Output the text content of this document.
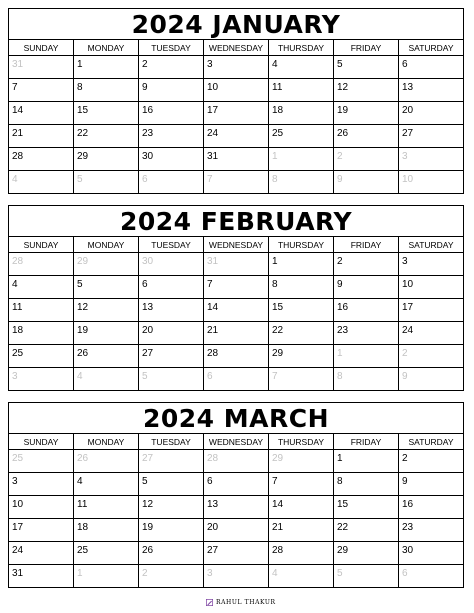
2024 JANUARY
SUNDAY	MONDAY	TUESDAY	WEDNESDAY	THURSDAY	FRIDAY	SATURDAY
31	1	2	3	4	5	6
7	8	9	10	11	12	13
14	15	16	17	18	19	20
21	22	23	24	25	26	27
28	29	30	31	1	2	3
4	5	6	7	8	9	10
2024 FEBRUARY
SUNDAY	MONDAY	TUESDAY	WEDNESDAY	THURSDAY	FRIDAY	SATURDAY
28	29	30	31	1	2	3
4	5	6	7	8	9	10
11	12	13	14	15	16	17
18	19	20	21	22	23	24
25	26	27	28	29	1	2
3	4	5	6	7	8	9
2024 MARCH
SUNDAY	MONDAY	TUESDAY	WEDNESDAY	THURSDAY	FRIDAY	SATURDAY
25	26	27	28	29	1	2
3	4	5	6	7	8	9
10	11	12	13	14	15	16
17	18	19	20	21	22	23
24	25	26	27	28	29	30
31	1	2	3	4	5	6
RAHUL THAKUR
